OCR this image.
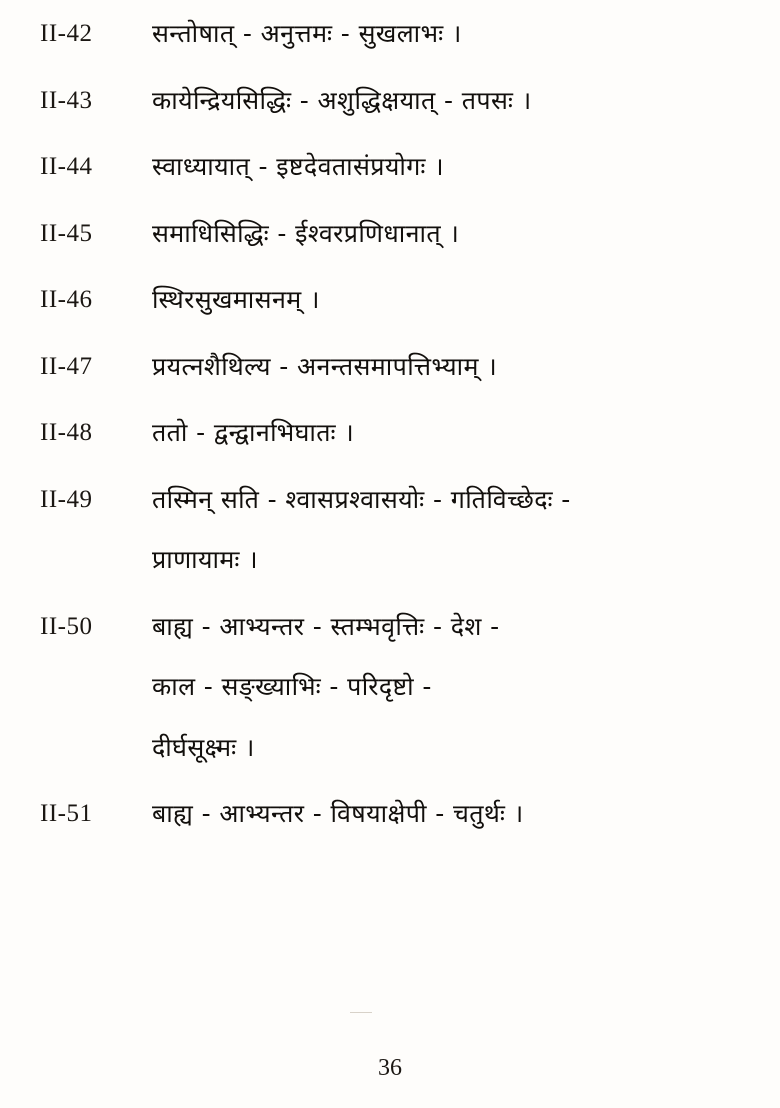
II-42	सन्तोषात् - अनुत्तमः - सुखलाभः ।
II-43	कायेन्द्रियसिद्धिः - अशुद्धिक्षयात् - तपसः ।
II-44	स्वाध्यायात् - इष्टदेवतासंप्रयोगः ।
II-45	समाधिसिद्धिः - ईश्वरप्रणिधानात् ।
II-46	स्थिरसुखमासनम् ।
II-47	प्रयत्नशैथिल्य - अनन्तसमापत्तिभ्याम् ।
II-48	ततो - द्वन्द्वानभिघातः ।
II-49	तस्मिन् सति - श्वासप्रश्वासयोः - गतिविच्छेदः -
प्राणायामः ।
II-50	बाह्य - आभ्यन्तर - स्तम्भवृत्तिः - देश -
काल - सङ्ख्याभिः - परिदृष्टो -
दीर्घसूक्ष्मः ।
II-51	बाह्य - आभ्यन्तर - विषयाक्षेपी - चतुर्थः ।
36
